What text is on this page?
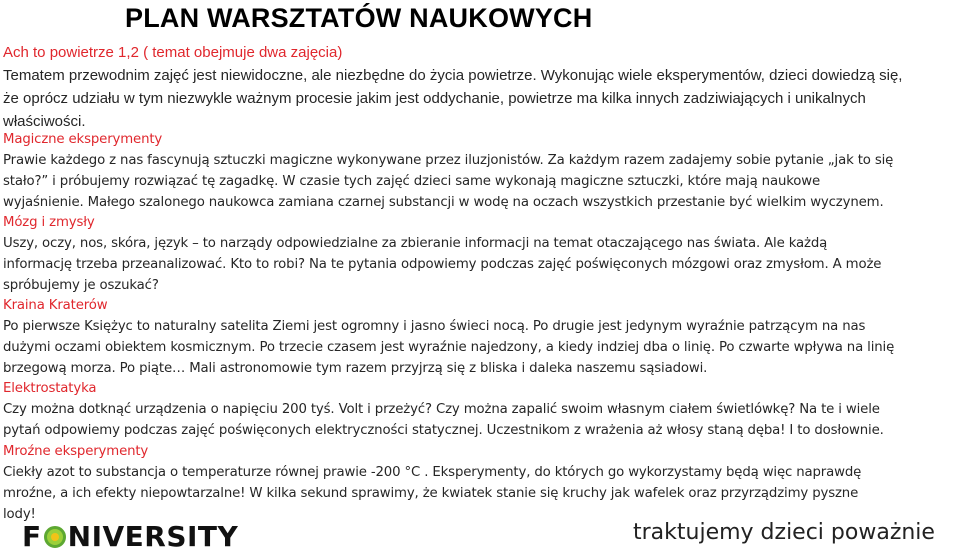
PLAN WARSZTATÓW NAUKOWYCH
Ach to powietrze 1,2 ( temat obejmuje dwa zajęcia)
Tematem przewodnim zajęć jest niewidoczne, ale niezbędne do życia powietrze. Wykonując wiele eksperymentów, dzieci dowiedzą się,
że oprócz udziału w tym niezwykle ważnym procesie jakim jest oddychanie, powietrze ma kilka innych zadziwiających i unikalnych
właściwości.
Magiczne eksperymenty
Prawie każdego z nas fascynują sztuczki magiczne wykonywane przez iluzjonistów. Za każdym razem zadajemy sobie pytanie „jak to się
stało?” i próbujemy rozwiązać tę zagadkę. W czasie tych zajęć dzieci same wykonają magiczne sztuczki, które mają naukowe
wyjaśnienie. Małego szalonego naukowca zamiana czarnej substancji w wodę na oczach wszystkich przestanie być wielkim wyczynem.
Mózg i zmysły
Uszy, oczy, nos, skóra, język – to narządy odpowiedzialne za zbieranie informacji na temat otaczającego nas świata. Ale każdą
informację trzeba przeanalizować. Kto to robi? Na te pytania odpowiemy podczas zajęć poświęconych mózgowi oraz zmysłom. A może
spróbujemy je oszukać?
Kraina Kraterów
Po pierwsze Księżyc to naturalny satelita Ziemi jest ogromny i jasno świeci nocą. Po drugie jest jedynym wyraźnie patrzącym na nas
dużymi oczami obiektem kosmicznym. Po trzecie czasem jest wyraźnie najedzony, a kiedy indziej dba o linię. Po czwarte wpływa na linię
brzegową morza. Po piąte… Mali astronomowie tym razem przyjrzą się z bliska i daleka naszemu sąsiadowi.
Elektrostatyka
Czy można dotknąć urządzenia o napięciu 200 tyś. Volt i przeżyć? Czy można zapalić swoim własnym ciałem świetlówkę? Na te i wiele
pytań odpowiemy podczas zajęć poświęconych elektryczności statycznej. Uczestnikom z wrażenia aż włosy staną dęba! I to dosłownie.
Mroźne eksperymenty
Ciekły azot to substancja o temperaturze równej prawie -200 °C . Eksperymenty, do których go wykorzystamy będą więc naprawdę
mroźne, a ich efekty niepowtarzalne! W kilka sekund sprawimy, że kwiatek stanie się kruchy jak wafelek oraz przyrządzimy pyszne
lody!
F NIVERSITY	traktujemy dzieci poważnie
